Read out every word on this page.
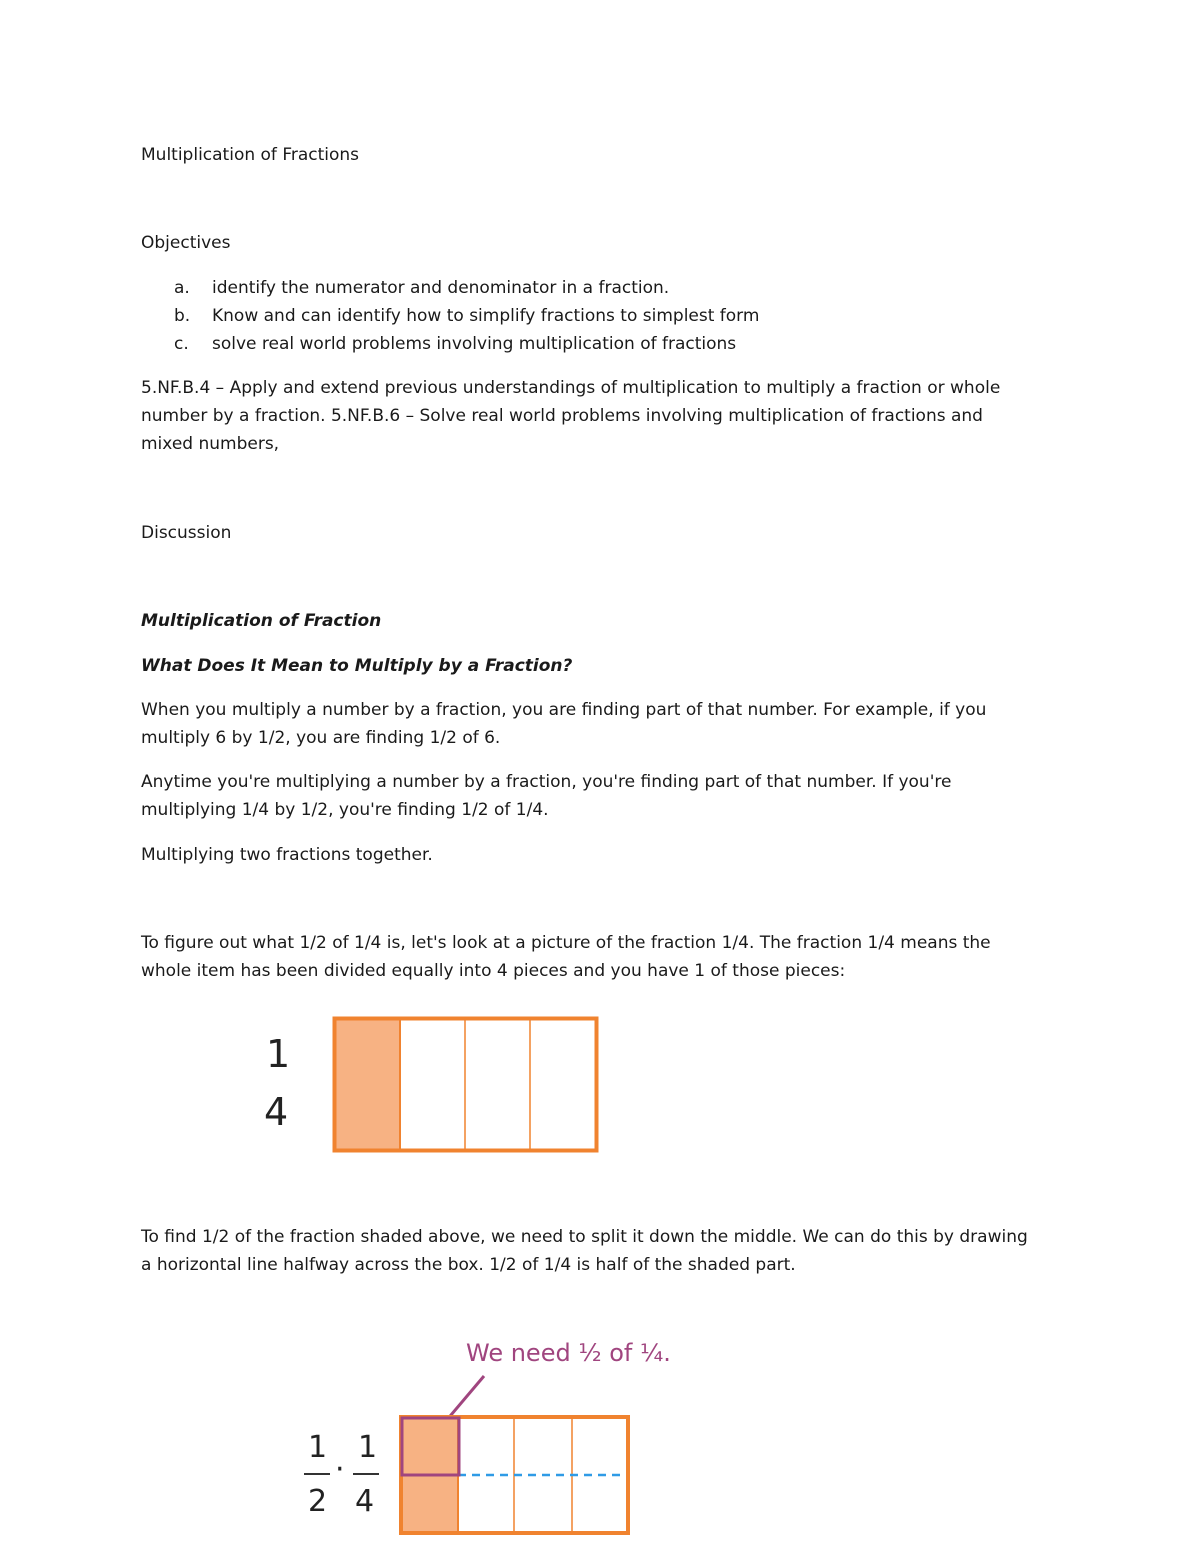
Multiplication of Fractions
Objectives
a. identify the numerator and denominator in a fraction.
b. Know and can identify how to simplify fractions to simplest form
c. solve real world problems involving multiplication of fractions
5.NF.B.4 – Apply and extend previous understandings of multiplication to multiply a fraction or whole
number by a fraction. 5.NF.B.6 – Solve real world problems involving multiplication of fractions and
mixed numbers,
Discussion
Multiplication of Fraction
What Does It Mean to Multiply by a Fraction?
When you multiply a number by a fraction, you are finding part of that number. For example, if you
multiply 6 by 1/2, you are finding 1/2 of 6.
Anytime you're multiplying a number by a fraction, you're finding part of that number. If you're
multiplying 1/4 by 1/2, you're finding 1/2 of 1/4.
Multiplying two fractions together.
To figure out what 1/2 of 1/4 is, let's look at a picture of the fraction 1/4. The fraction 1/4 means the
whole item has been divided equally into 4 pieces and you have 1 of those pieces:
1
4
To find 1/2 of the fraction shaded above, we need to split it down the middle. We can do this by drawing
a horizontal line halfway across the box. 1/2 of 1/4 is half of the shaded part.
We need ½ of ¼.
1
2
·
1
4
